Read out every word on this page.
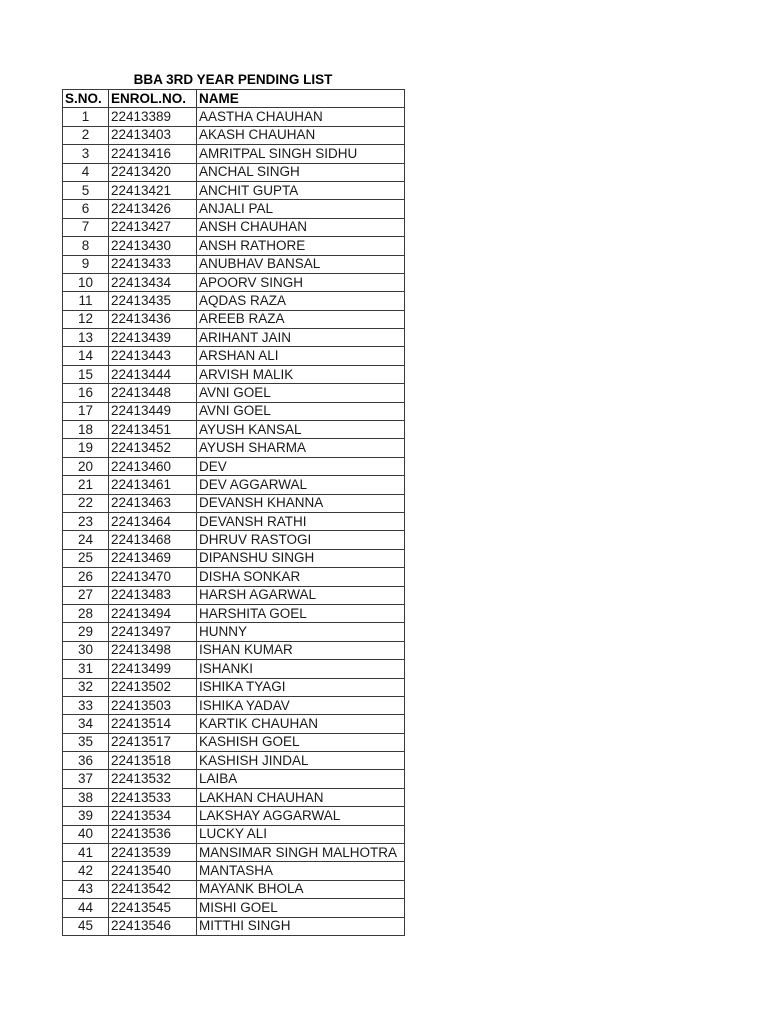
BBA 3RD YEAR PENDING LIST
S.NO.	ENROL.NO.	NAME
1	22413389	AASTHA CHAUHAN
2	22413403	AKASH CHAUHAN
3	22413416	AMRITPAL SINGH SIDHU
4	22413420	ANCHAL SINGH
5	22413421	ANCHIT GUPTA
6	22413426	ANJALI PAL
7	22413427	ANSH CHAUHAN
8	22413430	ANSH RATHORE
9	22413433	ANUBHAV BANSAL
10	22413434	APOORV SINGH
11	22413435	AQDAS RAZA
12	22413436	AREEB RAZA
13	22413439	ARIHANT JAIN
14	22413443	ARSHAN ALI
15	22413444	ARVISH MALIK
16	22413448	AVNI GOEL
17	22413449	AVNI GOEL
18	22413451	AYUSH KANSAL
19	22413452	AYUSH SHARMA
20	22413460	DEV
21	22413461	DEV AGGARWAL
22	22413463	DEVANSH KHANNA
23	22413464	DEVANSH RATHI
24	22413468	DHRUV RASTOGI
25	22413469	DIPANSHU SINGH
26	22413470	DISHA SONKAR
27	22413483	HARSH AGARWAL
28	22413494	HARSHITA GOEL
29	22413497	HUNNY
30	22413498	ISHAN KUMAR
31	22413499	ISHANKI
32	22413502	ISHIKA TYAGI
33	22413503	ISHIKA YADAV
34	22413514	KARTIK CHAUHAN
35	22413517	KASHISH GOEL
36	22413518	KASHISH JINDAL
37	22413532	LAIBA
38	22413533	LAKHAN CHAUHAN
39	22413534	LAKSHAY AGGARWAL
40	22413536	LUCKY ALI
41	22413539	MANSIMAR SINGH MALHOTRA
42	22413540	MANTASHA
43	22413542	MAYANK BHOLA
44	22413545	MISHI GOEL
45	22413546	MITTHI SINGH
